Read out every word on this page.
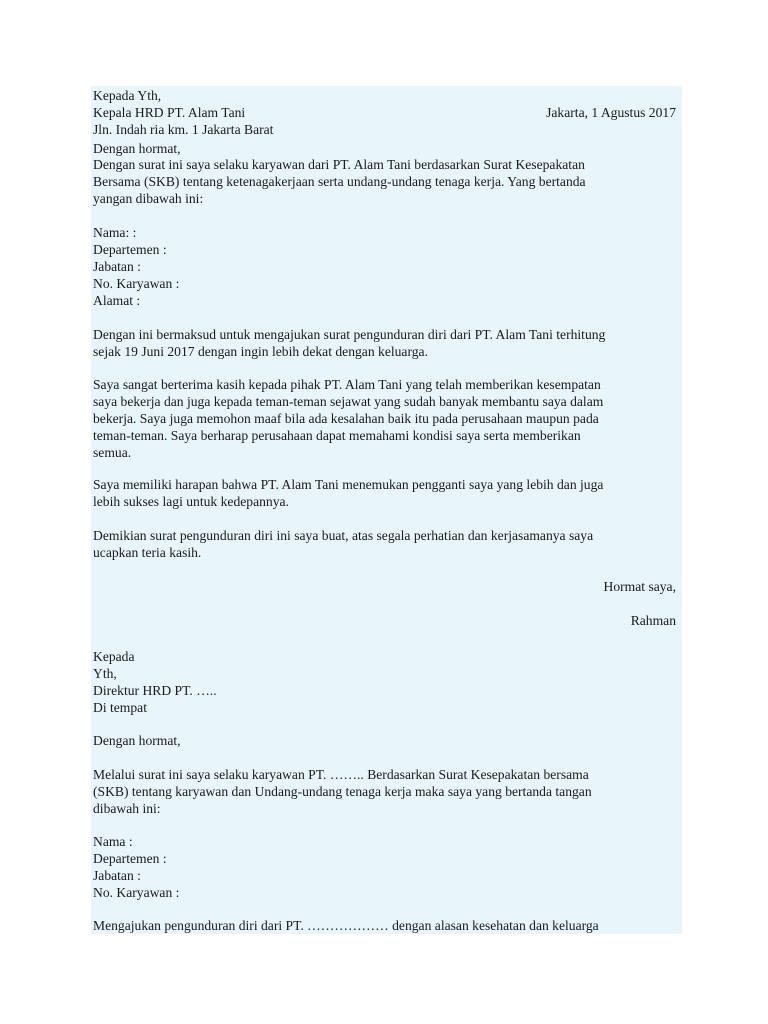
Kepada Yth,
Kepala HRD PT. Alam Tani	Jakarta, 1 Agustus 2017
Jln. Indah ria km. 1 Jakarta Barat
Dengan hormat,
Dengan surat ini saya selaku karyawan dari PT. Alam Tani berdasarkan Surat Kesepakatan
Bersama (SKB) tentang ketenagakerjaan serta undang-undang tenaga kerja. Yang bertanda
yangan dibawah ini:
Nama: :
Departemen :
Jabatan :
No. Karyawan :
Alamat :
Dengan ini bermaksud untuk mengajukan surat pengunduran diri dari PT. Alam Tani terhitung
sejak 19 Juni 2017 dengan ingin lebih dekat dengan keluarga.
Saya sangat berterima kasih kepada pihak PT. Alam Tani yang telah memberikan kesempatan
saya bekerja dan juga kepada teman-teman sejawat yang sudah banyak membantu saya dalam
bekerja. Saya juga memohon maaf bila ada kesalahan baik itu pada perusahaan maupun pada
teman-teman. Saya berharap perusahaan dapat memahami kondisi saya serta memberikan
semua.
Saya memiliki harapan bahwa PT. Alam Tani menemukan pengganti saya yang lebih dan juga
lebih sukses lagi untuk kedepannya.
Demikian surat pengunduran diri ini saya buat, atas segala perhatian dan kerjasamanya saya
ucapkan teria kasih.
Hormat saya,
Rahman
Kepada
Yth,
Direktur HRD PT. …..
Di tempat
Dengan hormat,
Melalui surat ini saya selaku karyawan PT. …….. Berdasarkan Surat Kesepakatan bersama
(SKB) tentang karyawan dan Undang-undang tenaga kerja maka saya yang bertanda tangan
dibawah ini:
Nama :
Departemen :
Jabatan :
No. Karyawan :
Mengajukan pengunduran diri dari PT. ……………… dengan alasan kesehatan dan keluarga
